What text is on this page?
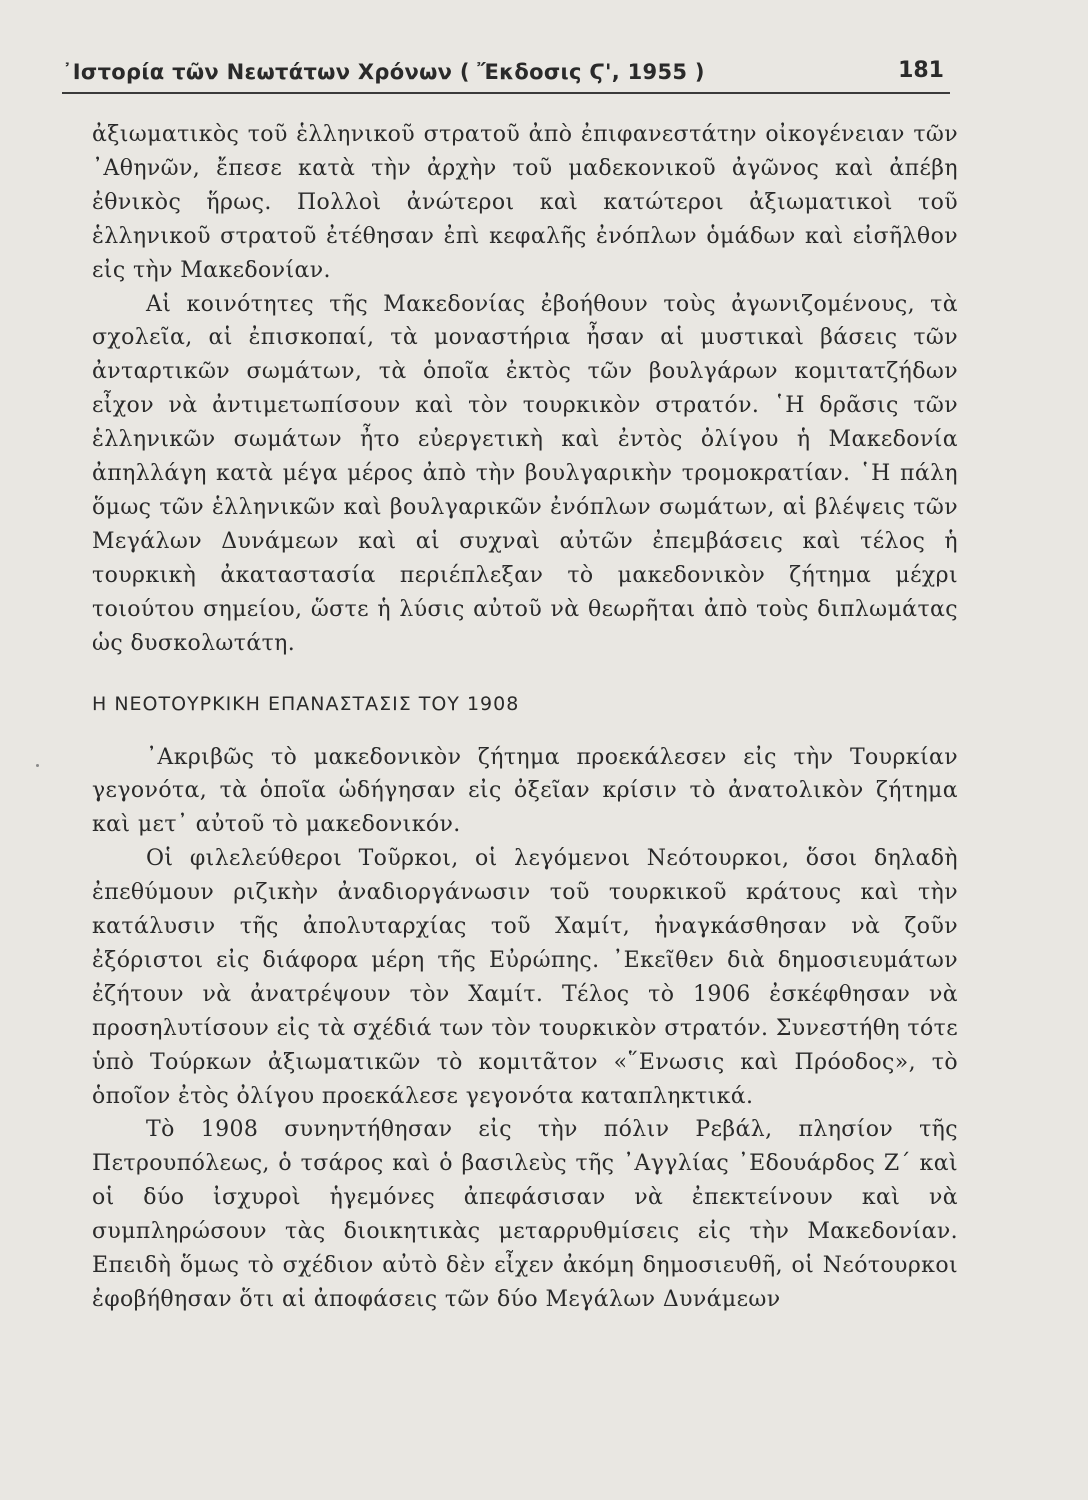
᾿Ιστορία τῶν Νεωτάτων Χρόνων ( Ἔκδοσις Ϛ', 1955 )	181

ἀξιωματικὸς τοῦ ἑλληνικοῦ στρατοῦ ἀπὸ ἐπιφανεστάτην οἰκογένειαν τῶν ᾿Αθηνῶν, ἔπεσε κατὰ τὴν ἀρχὴν τοῦ μαδεκονικοῦ ἀγῶνος καὶ ἀπέβη ἐθνικὸς ἥρως. Πολλοὶ ἀνώτεροι καὶ κατώτεροι ἀξιωματικοὶ τοῦ ἑλληνικοῦ στρατοῦ ἐτέθησαν ἐπὶ κεφαλῆς ἐνόπλων ὁμάδων καὶ εἰσῆλθον εἰς τὴν Μακεδονίαν.

Αἱ κοινότητες τῆς Μακεδονίας ἐβοήθουν τοὺς ἀγωνιζομένους, τὰ σχολεῖα, αἱ ἐπισκοπαί, τὰ μοναστήρια ἦσαν αἱ μυστικαὶ βάσεις τῶν ἀνταρτικῶν σωμάτων, τὰ ὁποῖα ἐκτὸς τῶν βουλγάρων κομιτατζήδων εἶχον νὰ ἀντιμετωπίσουν καὶ τὸν τουρκικὸν στρατόν. ῾Η δρᾶσις τῶν ἑλληνικῶν σωμάτων ἦτο εὐεργετικὴ καὶ ἐντὸς ὀλίγου ἡ Μακεδονία ἀπηλλάγη κατὰ μέγα μέρος ἀπὸ τὴν βουλγαρικὴν τρομοκρατίαν. ῾Η πάλη ὅμως τῶν ἑλληνικῶν καὶ βουλγαρικῶν ἐνόπλων σωμάτων, αἱ βλέψεις τῶν Μεγάλων Δυνάμεων καὶ αἱ συχναὶ αὐτῶν ἐπεμβάσεις καὶ τέλος ἡ τουρκικὴ ἀκαταστασία περιέπλεξαν τὸ μακεδονικὸν ζήτημα μέχρι τοιούτου σημείου, ὥστε ἡ λύσις αὐτοῦ νὰ θεωρῆται ἀπὸ τοὺς διπλωμάτας ὡς δυσκολωτάτη.

Η ΝΕΟΤΟΥΡΚΙΚΗ ΕΠΑΝΑΣΤΑΣΙΣ ΤΟΥ 1908

᾿Ακριβῶς τὸ μακεδονικὸν ζήτημα προεκάλεσεν εἰς τὴν Τουρκίαν γεγονότα, τὰ ὁποῖα ὡδήγησαν εἰς ὀξεῖαν κρίσιν τὸ ἀνατολικὸν ζήτημα καὶ μετ᾿ αὐτοῦ τὸ μακεδονικόν.

Οἱ φιλελεύθεροι Τοῦρκοι, οἱ λεγόμενοι Νεότουρκοι, ὅσοι δηλαδὴ ἐπεθύμουν ριζικὴν ἀναδιοργάνωσιν τοῦ τουρκικοῦ κράτους καὶ τὴν κατάλυσιν τῆς ἀπολυταρχίας τοῦ Χαμίτ, ἠναγκάσθησαν νὰ ζοῦν ἐξόριστοι εἰς διάφορα μέρη τῆς Εὐρώπης. ᾿Εκεῖθεν διὰ δημοσιευμάτων ἐζήτουν νὰ ἀνατρέψουν τὸν Χαμίτ. Τέλος τὸ 1906 ἐσκέφθησαν νὰ προσηλυτίσουν εἰς τὰ σχέδιά των τὸν τουρκικὸν στρατόν. Συνεστήθη τότε ὑπὸ Τούρκων ἀξιωματικῶν τὸ κομιτᾶτον «῞Ενωσις καὶ Πρόοδος», τὸ ὁποῖον ἐτὸς ὀλίγου προεκάλεσε γεγονότα καταπληκτικά.

Τὸ 1908 συνηντήθησαν εἰς τὴν πόλιν Ρεβάλ, πλησίον τῆς Πετρουπόλεως, ὁ τσάρος καὶ ὁ βασιλεὺς τῆς ᾿Αγγλίας ᾿Εδουάρδος Ζ΄ καὶ οἱ δύο ἰσχυροὶ ἡγεμόνες ἀπεφάσισαν νὰ ἐπεκτείνουν καὶ νὰ συμπληρώσουν τὰς διοικητικὰς μεταρρυθμίσεις εἰς τὴν Μακεδονίαν. Επειδὴ ὅμως τὸ σχέδιον αὐτὸ δὲν εἶχεν ἀκόμη δημοσιευθῆ, οἱ Νεότουρκοι ἐφοβήθησαν ὅτι αἱ ἀποφάσεις τῶν δύο Μεγάλων Δυνάμεων
